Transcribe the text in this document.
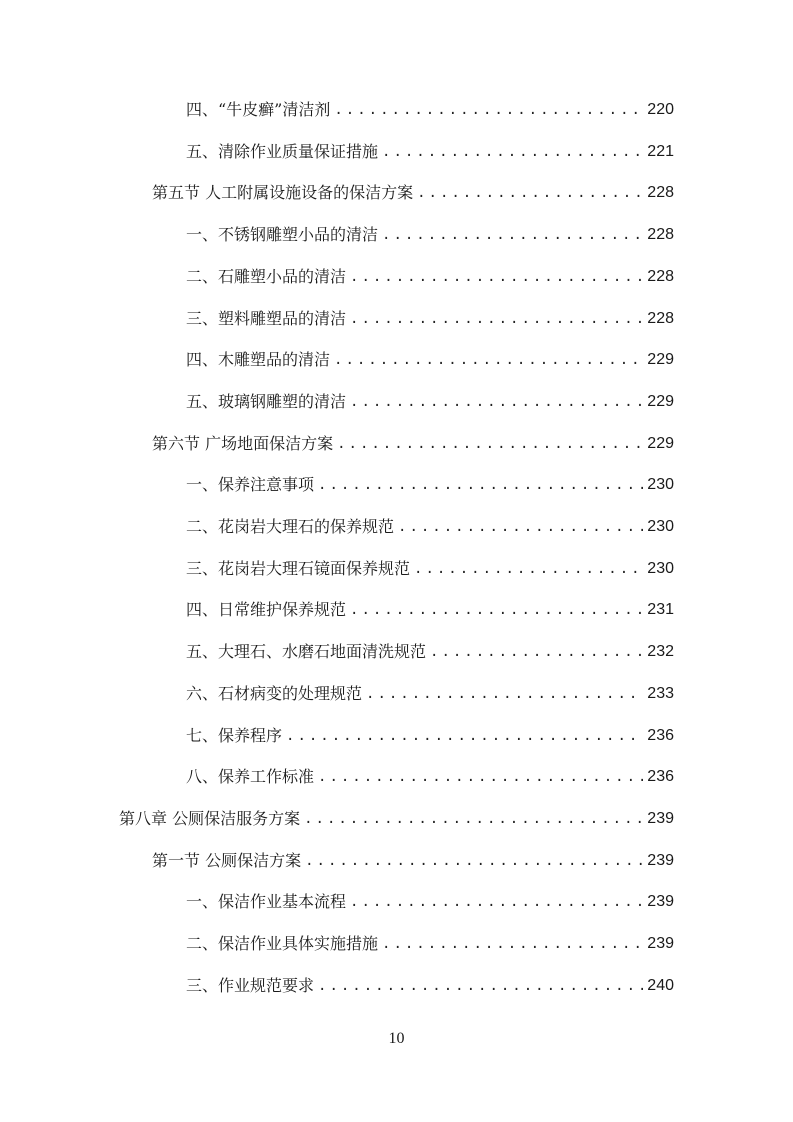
四、“牛皮癣”清洁剂 .....	220
五、清除作业质量保证措施 .....	221
第五节 人工附属设施设备的保洁方案 .....	228
一、不锈钢雕塑小品的清洁 .....	228
二、石雕塑小品的清洁 .....	228
三、塑料雕塑品的清洁 .....	228
四、木雕塑品的清洁 .....	229
五、玻璃钢雕塑的清洁 .....	229
第六节 广场地面保洁方案 .....	229
一、保养注意事项 .....	230
二、花岗岩大理石的保养规范 .....	230
三、花岗岩大理石镜面保养规范 .....	230
四、日常维护保养规范 .....	231
五、大理石、水磨石地面清洗规范 .....	232
六、石材病变的处理规范 .....	233
七、保养程序 .....	236
八、保养工作标准 .....	236
第八章 公厕保洁服务方案 .....	239
第一节 公厕保洁方案 .....	239
一、保洁作业基本流程 .....	239
二、保洁作业具体实施措施 .....	239
三、作业规范要求 .....	240
10
